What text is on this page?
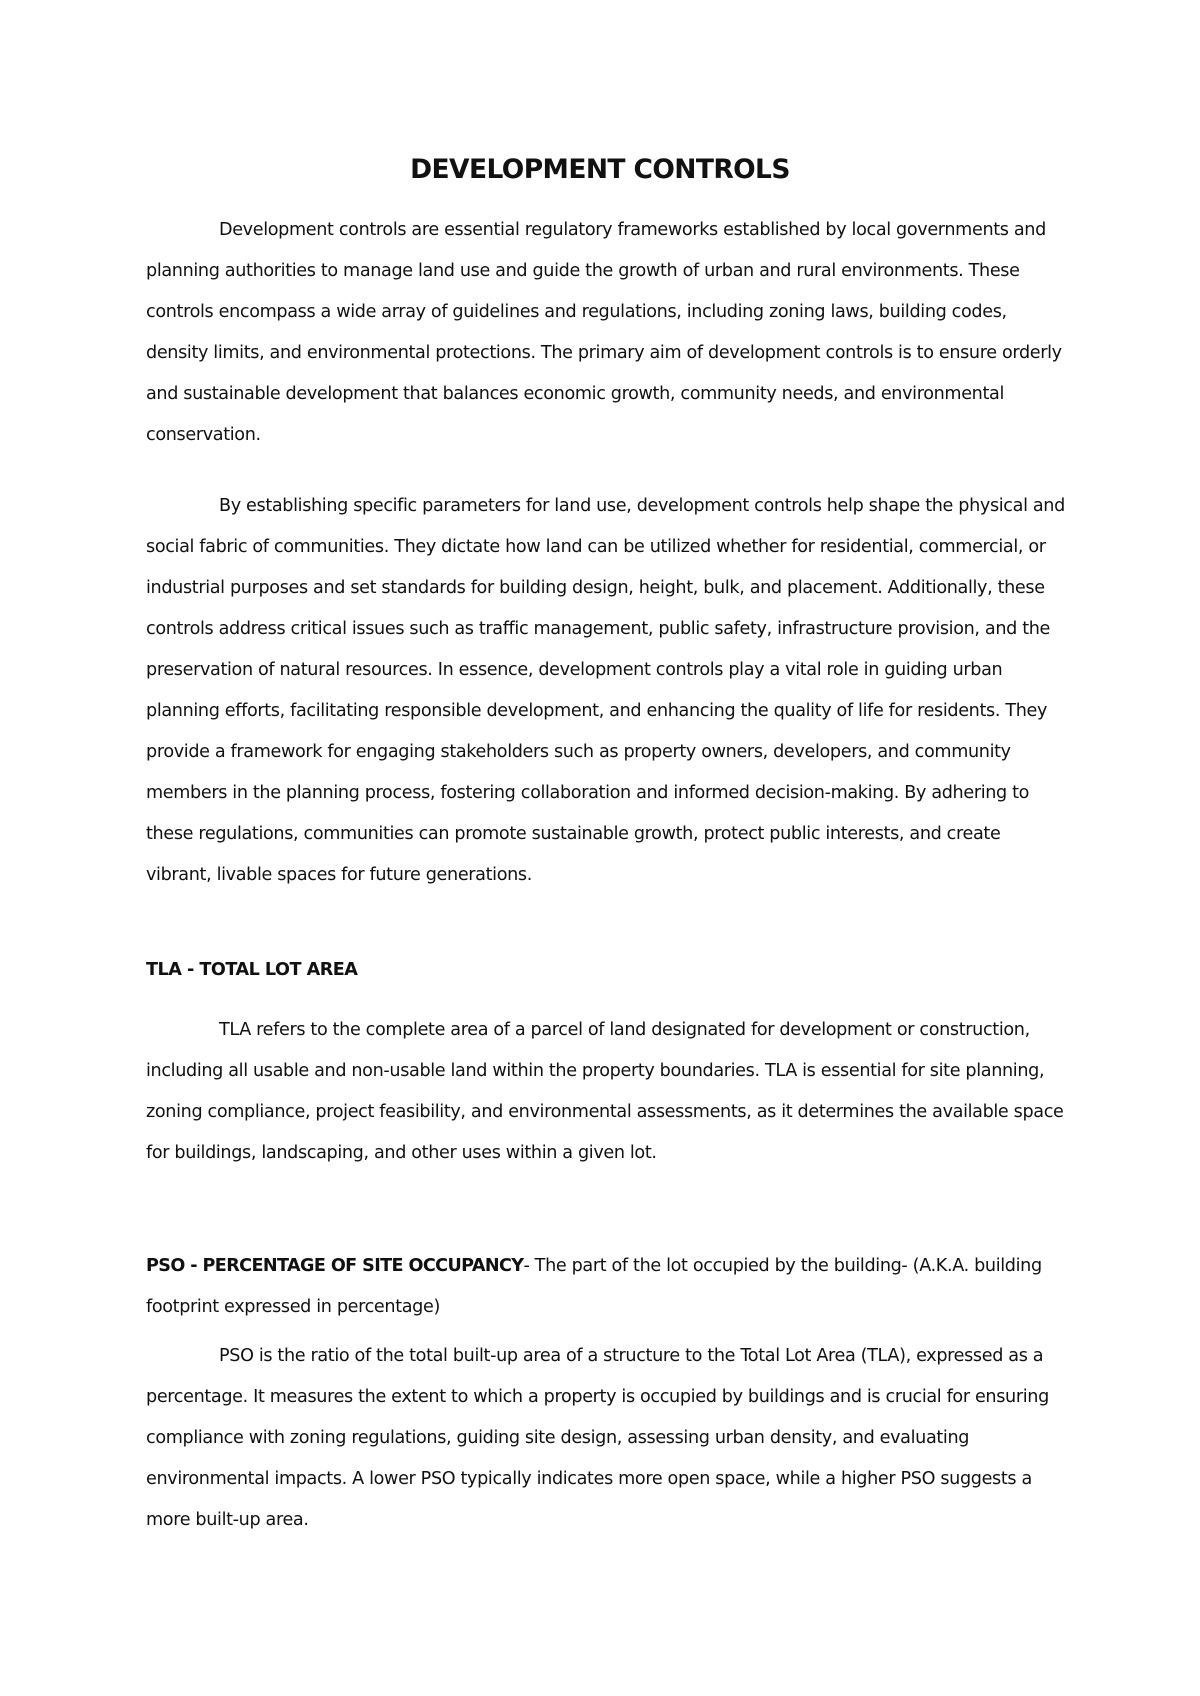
DEVELOPMENT CONTROLS

Development controls are essential regulatory frameworks established by local governments and planning authorities to manage land use and guide the growth of urban and rural environments. These controls encompass a wide array of guidelines and regulations, including zoning laws, building codes, density limits, and environmental protections. The primary aim of development controls is to ensure orderly and sustainable development that balances economic growth, community needs, and environmental conservation.

By establishing specific parameters for land use, development controls help shape the physical and social fabric of communities. They dictate how land can be utilized whether for residential, commercial, or industrial purposes and set standards for building design, height, bulk, and placement. Additionally, these controls address critical issues such as traffic management, public safety, infrastructure provision, and the preservation of natural resources. In essence, development controls play a vital role in guiding urban planning efforts, facilitating responsible development, and enhancing the quality of life for residents. They provide a framework for engaging stakeholders such as property owners, developers, and community members in the planning process, fostering collaboration and informed decision-making. By adhering to these regulations, communities can promote sustainable growth, protect public interests, and create vibrant, livable spaces for future generations.

TLA - TOTAL LOT AREA

TLA refers to the complete area of a parcel of land designated for development or construction, including all usable and non-usable land within the property boundaries. TLA is essential for site planning, zoning compliance, project feasibility, and environmental assessments, as it determines the available space for buildings, landscaping, and other uses within a given lot.

PSO - PERCENTAGE OF SITE OCCUPANCY- The part of the lot occupied by the building- (A.K.A. building footprint expressed in percentage)

PSO is the ratio of the total built-up area of a structure to the Total Lot Area (TLA), expressed as a percentage. It measures the extent to which a property is occupied by buildings and is crucial for ensuring compliance with zoning regulations, guiding site design, assessing urban density, and evaluating environmental impacts. A lower PSO typically indicates more open space, while a higher PSO suggests a more built-up area.
